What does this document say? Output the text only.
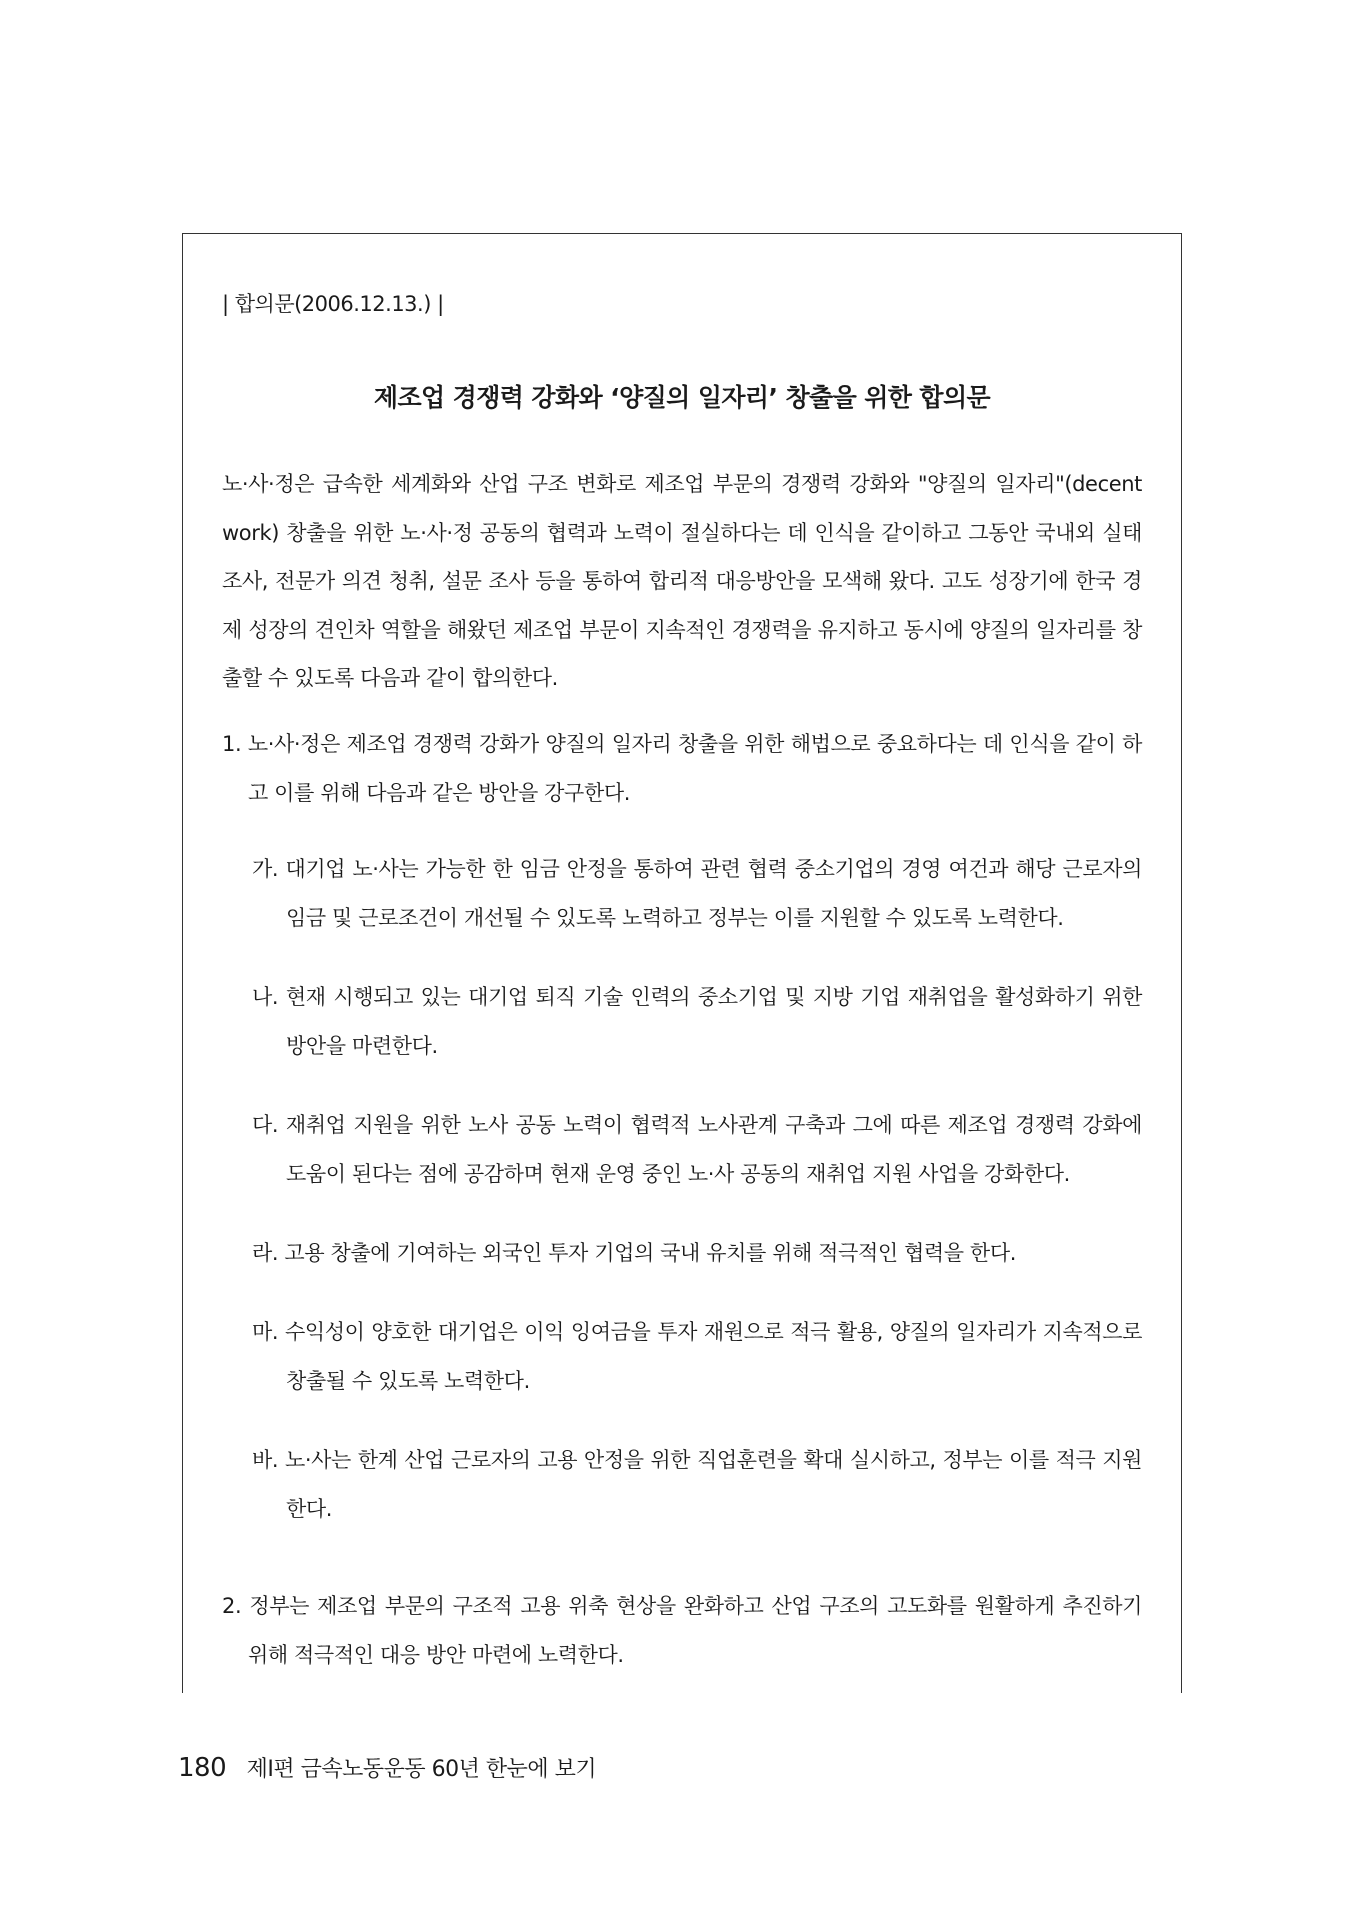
| 합의문(2006.12.13.) |
제조업 경쟁력 강화와 ‘양질의 일자리’ 창출을 위한 합의문
노·사·정은 급속한 세계화와 산업 구조 변화로 제조업 부문의 경쟁력 강화와 "양질의 일자리"(decent work) 창출을 위한 노·사·정 공동의 협력과 노력이 절실하다는 데 인식을 같이하고 그동안 국내외 실태 조사, 전문가 의견 청취, 설문 조사 등을 통하여 합리적 대응방안을 모색해 왔다. 고도 성장기에 한국 경제 성장의 견인차 역할을 해왔던 제조업 부문이 지속적인 경쟁력을 유지하고 동시에 양질의 일자리를 창출할 수 있도록 다음과 같이 합의한다.
1. 노·사·정은 제조업 경쟁력 강화가 양질의 일자리 창출을 위한 해법으로 중요하다는 데 인식을 같이 하고 이를 위해 다음과 같은 방안을 강구한다.
가. 대기업 노·사는 가능한 한 임금 안정을 통하여 관련 협력 중소기업의 경영 여건과 해당 근로자의 임금 및 근로조건이 개선될 수 있도록 노력하고 정부는 이를 지원할 수 있도록 노력한다.
나. 현재 시행되고 있는 대기업 퇴직 기술 인력의 중소기업 및 지방 기업 재취업을 활성화하기 위한 방안을 마련한다.
다. 재취업 지원을 위한 노사 공동 노력이 협력적 노사관계 구축과 그에 따른 제조업 경쟁력 강화에 도움이 된다는 점에 공감하며 현재 운영 중인 노·사 공동의 재취업 지원 사업을 강화한다.
라. 고용 창출에 기여하는 외국인 투자 기업의 국내 유치를 위해 적극적인 협력을 한다.
마. 수익성이 양호한 대기업은 이익 잉여금을 투자 재원으로 적극 활용, 양질의 일자리가 지속적으로 창출될 수 있도록 노력한다.
바. 노·사는 한계 산업 근로자의 고용 안정을 위한 직업훈련을 확대 실시하고, 정부는 이를 적극 지원한다.
2. 정부는 제조업 부문의 구조적 고용 위축 현상을 완화하고 산업 구조의 고도화를 원활하게 추진하기 위해 적극적인 대응 방안 마련에 노력한다.
180 제Ⅰ편 금속노동운동 60년 한눈에 보기
